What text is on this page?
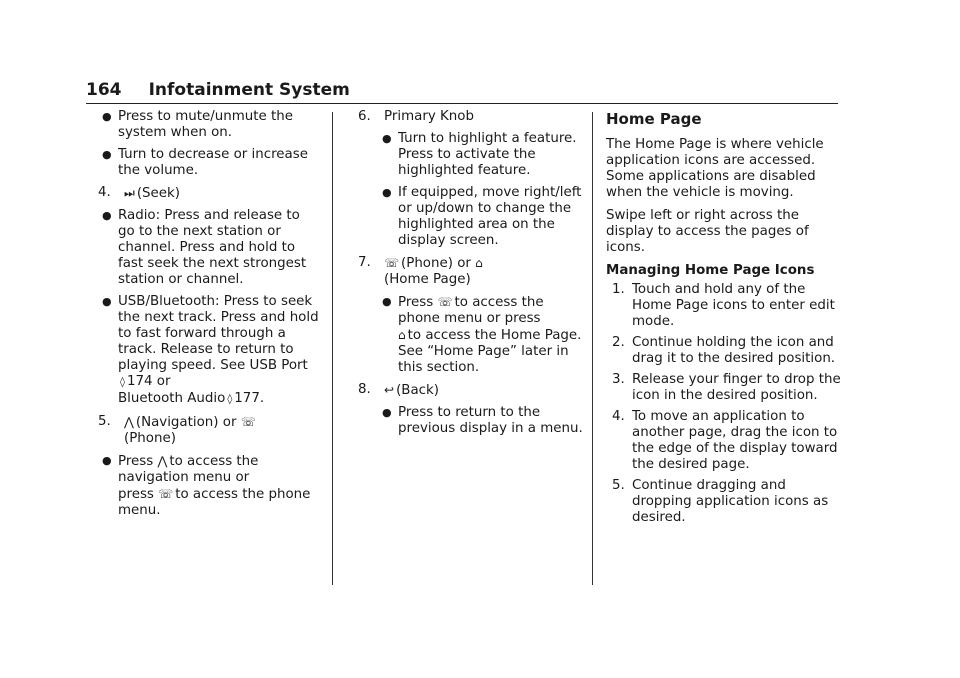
164 Infotainment System
● Press to mute/unmute the system when on.
● Turn to decrease or increase the volume.
4. ⏭ (Seek)
● Radio: Press and release to go to the next station or channel. Press and hold to fast seek the next strongest station or channel.
● USB/Bluetooth: Press to seek the next track. Press and hold to fast forward through a track. Release to return to playing speed. See USB Port
◊ 174 or
Bluetooth Audio ◊ 177.
5. ⋀ (Navigation) or ☏
(Phone)
● Press ⋀ to access the navigation menu or
press ☏ to access the phone menu.
6. Primary Knob
● Turn to highlight a feature. Press to activate the highlighted feature.
● If equipped, move right/left or up/down to change the highlighted area on the display screen.
7. ☏ (Phone) or ⌂
(Home Page)
● Press ☏ to access the phone menu or press
⌂ to access the Home Page. See “Home Page” later in this section.
8. ↩ (Back)
● Press to return to the previous display in a menu.
Home Page
The Home Page is where vehicle application icons are accessed. Some applications are disabled when the vehicle is moving.
Swipe left or right across the display to access the pages of icons.
Managing Home Page Icons
1. Touch and hold any of the Home Page icons to enter edit mode.
2. Continue holding the icon and drag it to the desired position.
3. Release your finger to drop the icon in the desired position.
4. To move an application to another page, drag the icon to the edge of the display toward the desired page.
5. Continue dragging and dropping application icons as desired.
